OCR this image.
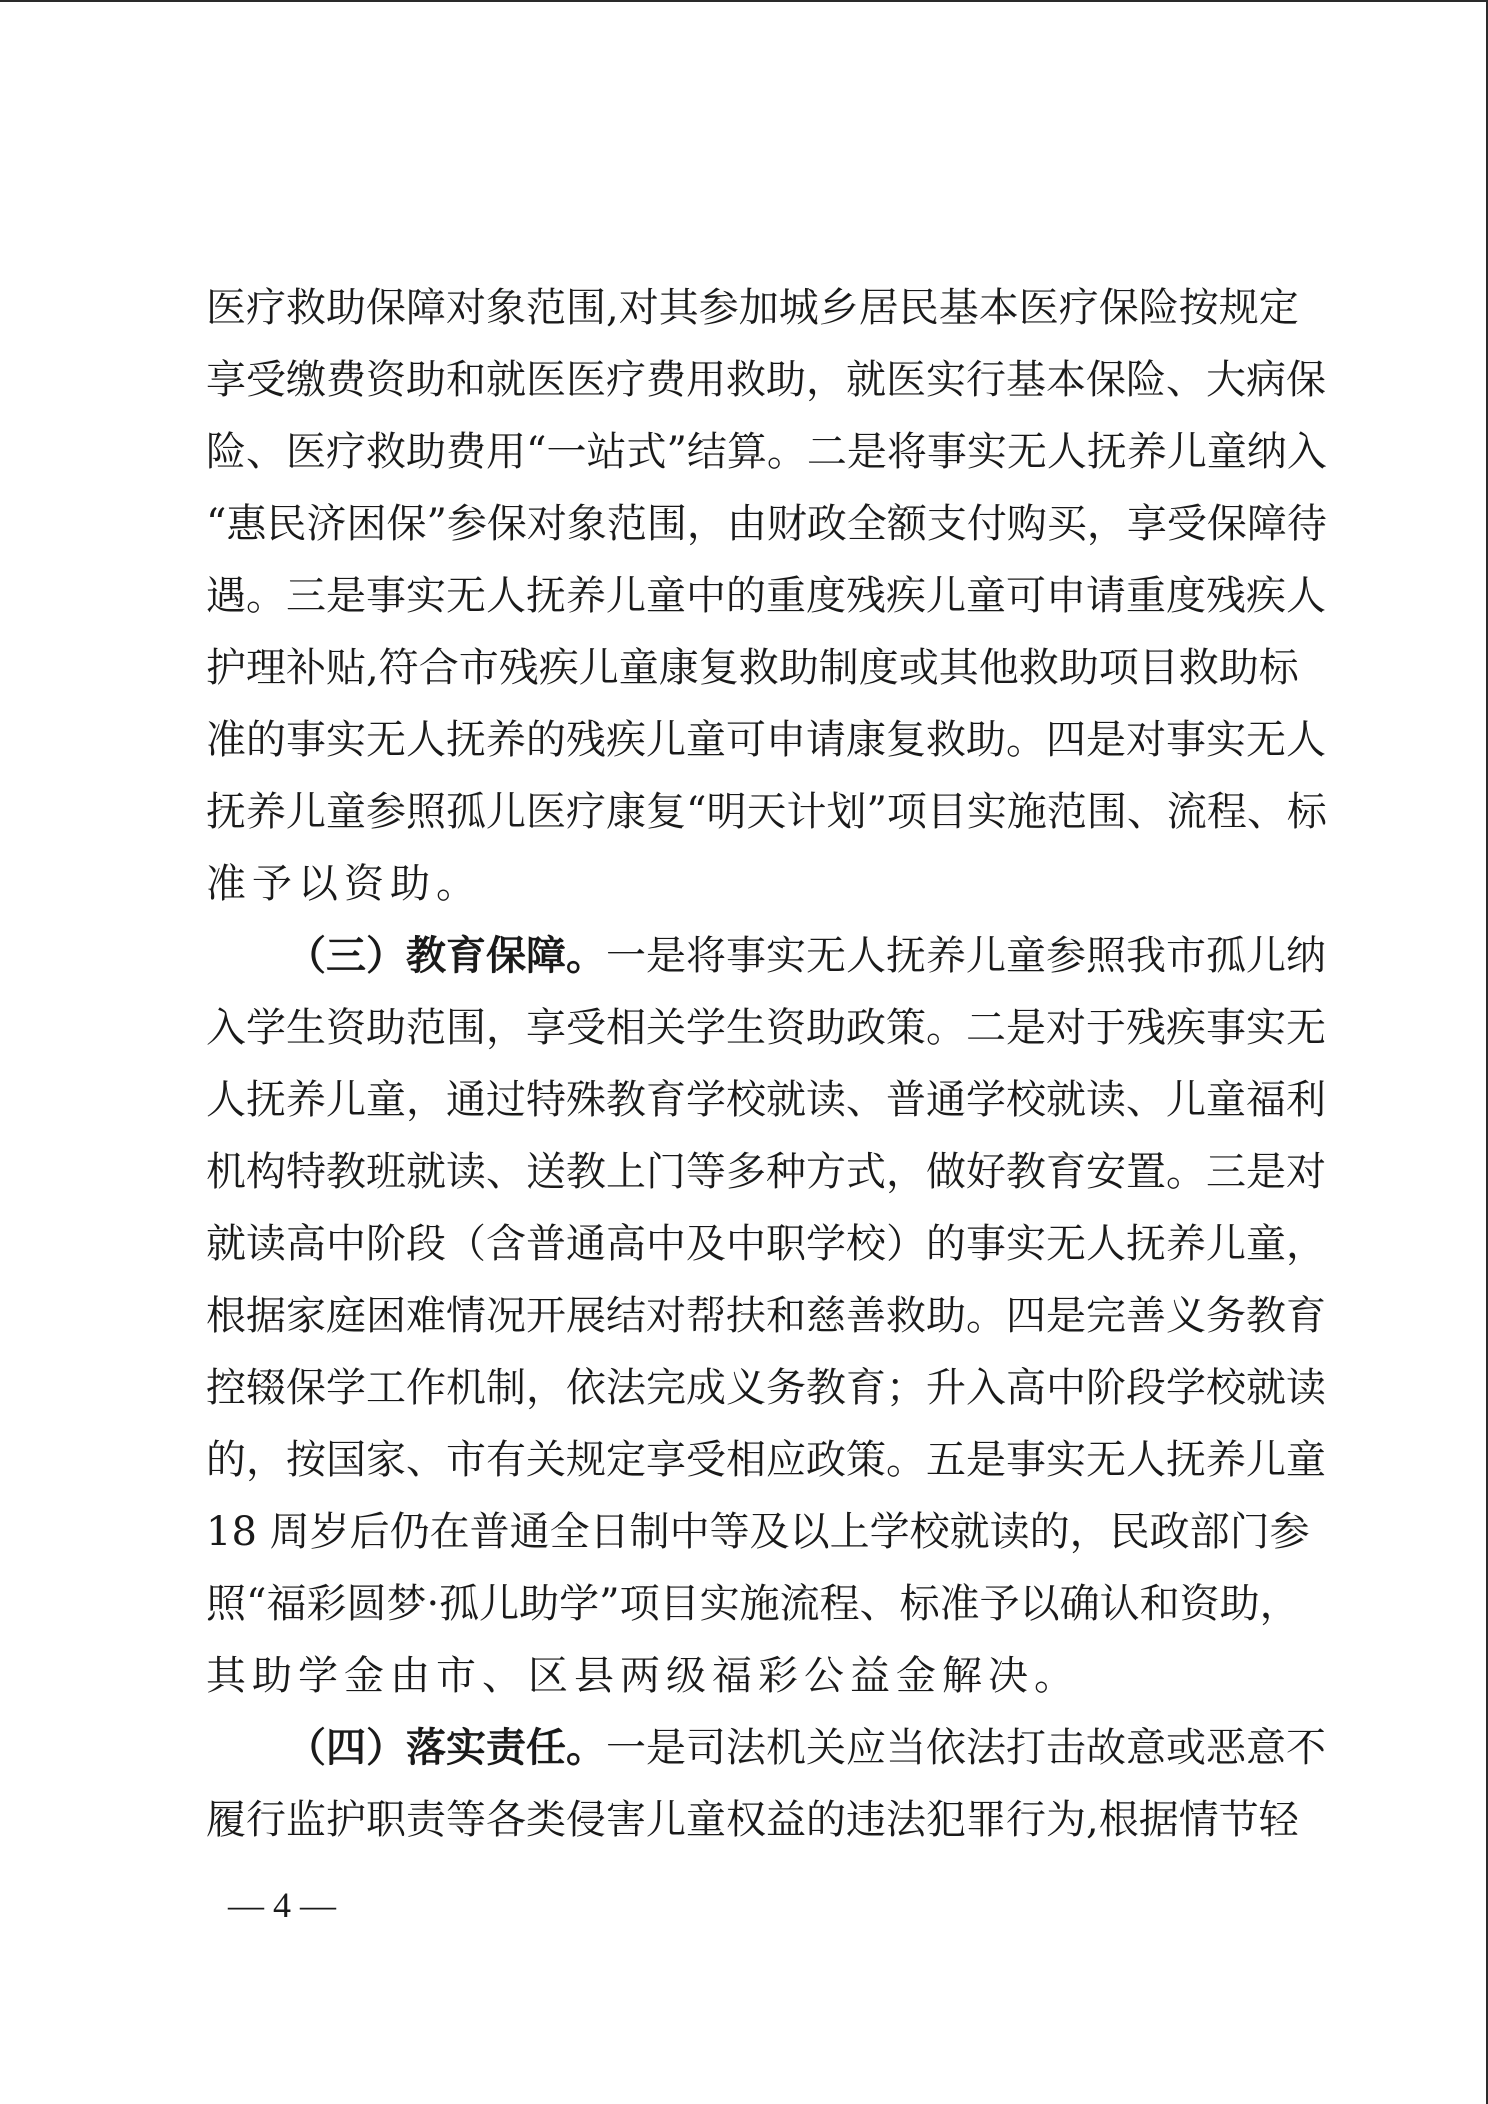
医疗救助保障对象范围,对其参加城乡居民基本医疗保险按规定
享受缴费资助和就医医疗费用救助，就医实行基本保险、大病保
险、医疗救助费用“一站式”结算。二是将事实无人抚养儿童纳入
“惠民济困保”参保对象范围，由财政全额支付购买，享受保障待
遇。三是事实无人抚养儿童中的重度残疾儿童可申请重度残疾人
护理补贴,符合市残疾儿童康复救助制度或其他救助项目救助标
准的事实无人抚养的残疾儿童可申请康复救助。四是对事实无人
抚养儿童参照孤儿医疗康复“明天计划”项目实施范围、流程、标
准予以资助。
（三）教育保障。一是将事实无人抚养儿童参照我市孤儿纳
入学生资助范围，享受相关学生资助政策。二是对于残疾事实无
人抚养儿童，通过特殊教育学校就读、普通学校就读、儿童福利
机构特教班就读、送教上门等多种方式，做好教育安置。三是对
就读高中阶段（含普通高中及中职学校）的事实无人抚养儿童，
根据家庭困难情况开展结对帮扶和慈善救助。四是完善义务教育
控辍保学工作机制，依法完成义务教育；升入高中阶段学校就读
的，按国家、市有关规定享受相应政策。五是事实无人抚养儿童
18 周岁后仍在普通全日制中等及以上学校就读的，民政部门参
照“福彩圆梦·孤儿助学”项目实施流程、标准予以确认和资助，
其助学金由市、区县两级福彩公益金解决。
（四）落实责任。一是司法机关应当依法打击故意或恶意不
履行监护职责等各类侵害儿童权益的违法犯罪行为,根据情节轻
— 4 —
